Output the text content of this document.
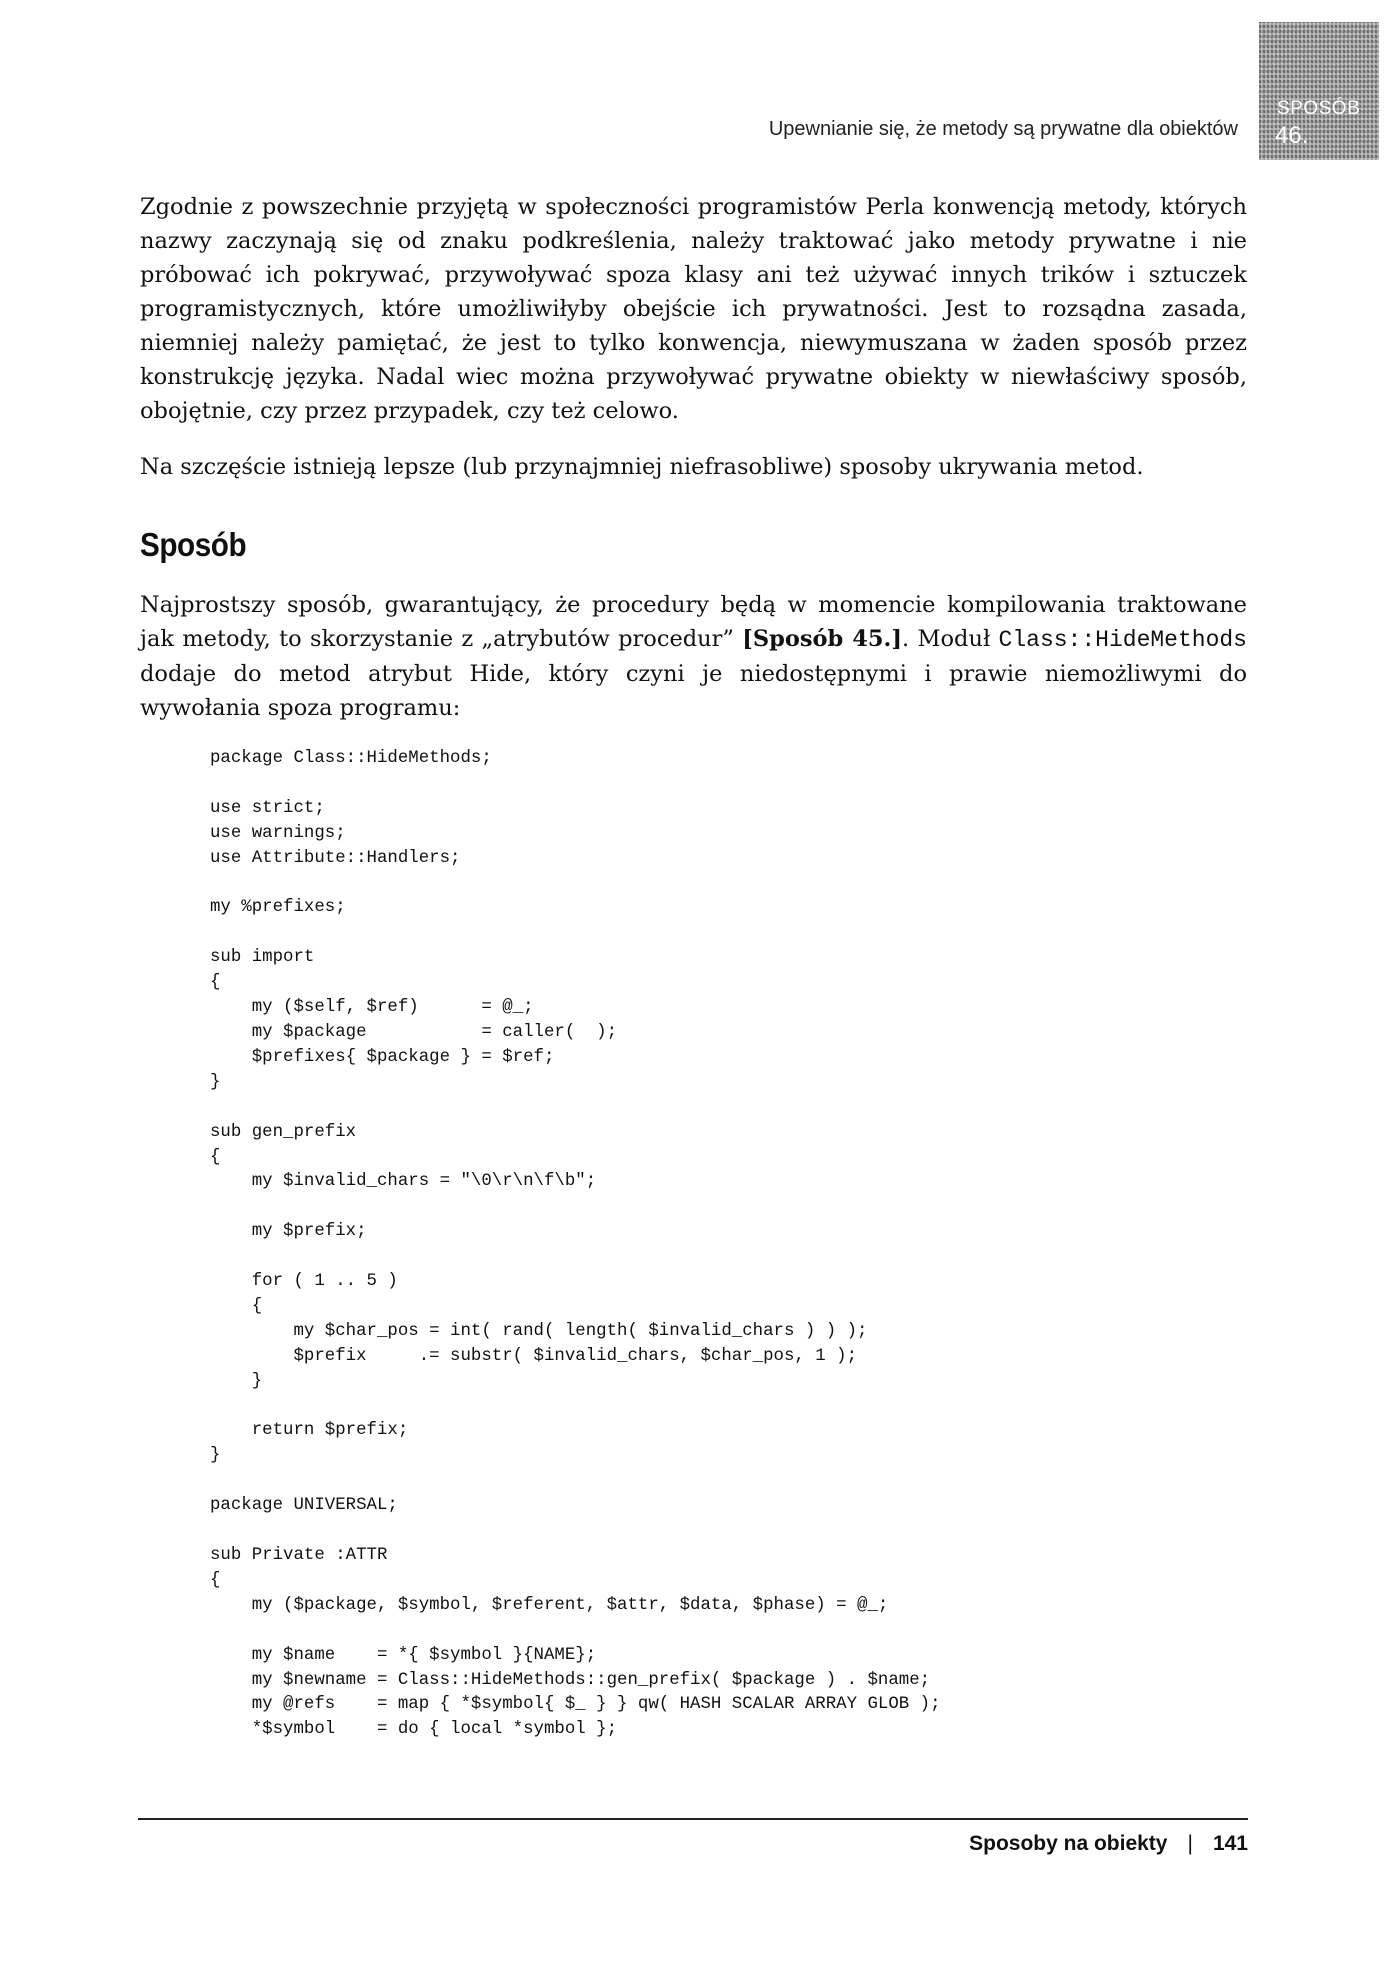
Upewnianie się, że metody są prywatne dla obiektów
SPOSÓB
46.

Zgodnie z powszechnie przyjętą w społeczności programistów Perla konwencją metody, których nazwy zaczynają się od znaku podkreślenia, należy traktować jako metody prywatne i nie próbować ich pokrywać, przywoływać spoza klasy ani też używać innych trików i sztuczek programistycznych, które umożliwiłyby obejście ich prywatności. Jest to rozsądna zasada, niemniej należy pamiętać, że jest to tylko konwencja, niewymuszana w żaden sposób przez konstrukcję języka. Nadal wiec można przywoływać prywatne obiekty w niewłaściwy sposób, obojętnie, czy przez przypadek, czy też celowo.

Na szczęście istnieją lepsze (lub przynajmniej niefrasobliwe) sposoby ukrywania metod.

Sposób

Najprostszy sposób, gwarantujący, że procedury będą w momencie kompilowania traktowane jak metody, to skorzystanie z „atrybutów procedur” [Sposób 45.]. Moduł Class::HideMethods dodaje do metod atrybut Hide, który czyni je niedostępnymi i prawie niemożliwymi do wywołania spoza programu:

package Class::HideMethods;

use strict;
use warnings;
use Attribute::Handlers;

my %prefixes;

sub import
{
my ($self, $ref)      = @_;
my $package           = caller(  );
$prefixes{ $package } = $ref;
}

sub gen_prefix
{
my $invalid_chars = "\0\r\n\f\b";

my $prefix;

for ( 1 .. 5 )
{
my $char_pos = int( rand( length( $invalid_chars ) ) );
$prefix     .= substr( $invalid_chars, $char_pos, 1 );
}

return $prefix;
}

package UNIVERSAL;

sub Private :ATTR
{
my ($package, $symbol, $referent, $attr, $data, $phase) = @_;

my $name    = *{ $symbol }{NAME};
my $newname = Class::HideMethods::gen_prefix( $package ) . $name;
my @refs    = map { *$symbol{ $_ } } qw( HASH SCALAR ARRAY GLOB );
*$symbol    = do { local *symbol };
Sposoby na obiekty | 141
